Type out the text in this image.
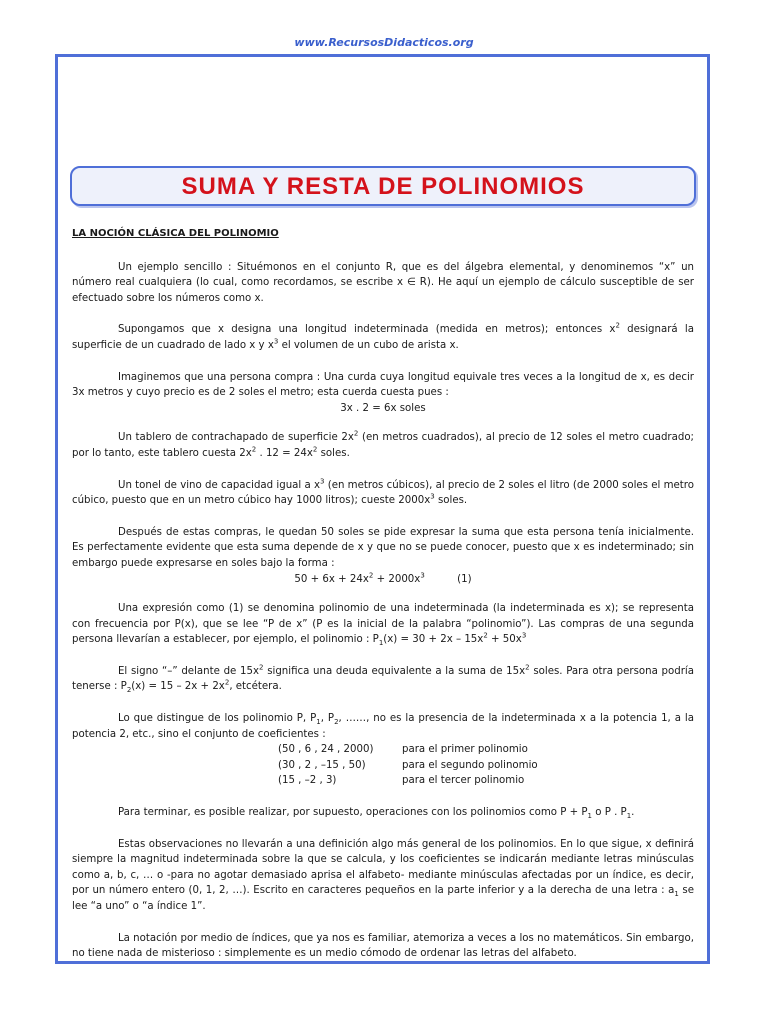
www.RecursosDidacticos.org
SUMA Y RESTA DE POLINOMIOS
LA NOCIÓN CLÁSICA DEL POLINOMIO

Un ejemplo sencillo : Situémonos en el conjunto R, que es del álgebra elemental, y denominemos “x” un número real cualquiera (lo cual, como recordamos, se escribe x ∈ R). He aquí un ejemplo de cálculo susceptible de ser efectuado sobre los números como x.

Supongamos que x designa una longitud indeterminada (medida en metros); entonces $x^2$ designará la superficie de un cuadrado de lado x y $x^3$ el volumen de un cubo de arista x.

Imaginemos que una persona compra : Una curda cuya longitud equivale tres veces a la longitud de x, es decir 3x metros y cuyo precio es de 2 soles el metro; esta cuerda cuesta pues :

3x . 2 = 6x soles

Un tablero de contrachapado de superficie $2x^2$ (en metros cuadrados), al precio de 12 soles el metro cuadrado; por lo tanto, este tablero cuesta $2x^2$ . $12 = 24x^2$ soles.

Un tonel de vino de capacidad igual a $x^3$ (en metros cúbicos), al precio de 2 soles el litro (de 2000 soles el metro cúbico, puesto que en un metro cúbico hay 1000 litros); cueste $2000x^3$ soles.

Después de estas compras, le quedan 50 soles se pide expresar la suma que esta persona tenía inicialmente. Es perfectamente evidente que esta suma depende de x y que no se puede conocer, puesto que x es indeterminado; sin embargo puede expresarse en soles bajo la forma :

$50 + 6x + 24x^2 + 2000x^3$	(1)

Una expresión como (1) se denomina polinomio de una indeterminada (la indeterminada es x); se representa con frecuencia por P(x), que se lee “P de x” (P es la inicial de la palabra “polinomio”). Las compras de una segunda persona llevarían a establecer, por ejemplo, el polinomio : $P_1(x) = 30 + 2x - 15x^2 + 50x^3$

El signo “–” delante de $15x^2$ significa una deuda equivalente a la suma de $15x^2$ soles. Para otra persona podría tenerse : $P_2(x) = 15 - 2x + 2x^2$, etcétera.

Lo que distingue de los polinomio P, $P_1$, $P_2$, ……, no es la presencia de la indeterminada x a la potencia 1, a la potencia 2, etc., sino el conjunto de coeficientes :

(50 , 6 , 24 , 2000)	para el primer polinomio
(30 , 2 , –15 , 50)	para el segundo polinomio
(15 , –2 , 3)	para el tercer polinomio

Para terminar, es posible realizar, por supuesto, operaciones con los polinomios como $P + P_1$ o P . $P_1$.

Estas observaciones no llevarán a una definición algo más general de los polinomios. En lo que sigue, x definirá siempre la magnitud indeterminada sobre la que se calcula, y los coeficientes se indicarán mediante letras minúsculas como a, b, c, … o -para no agotar demasiado aprisa el alfabeto- mediante minúsculas afectadas por un índice, es decir, por un número entero (0, 1, 2, …). Escrito en caracteres pequeños en la parte inferior y a la derecha de una letra : $a_1$ se lee “a uno” o “a índice 1”.

La notación por medio de índices, que ya nos es familiar, atemoriza a veces a los no matemáticos. Sin embargo, no tiene nada de misterioso : simplemente es un medio cómodo de ordenar las letras del alfabeto.
